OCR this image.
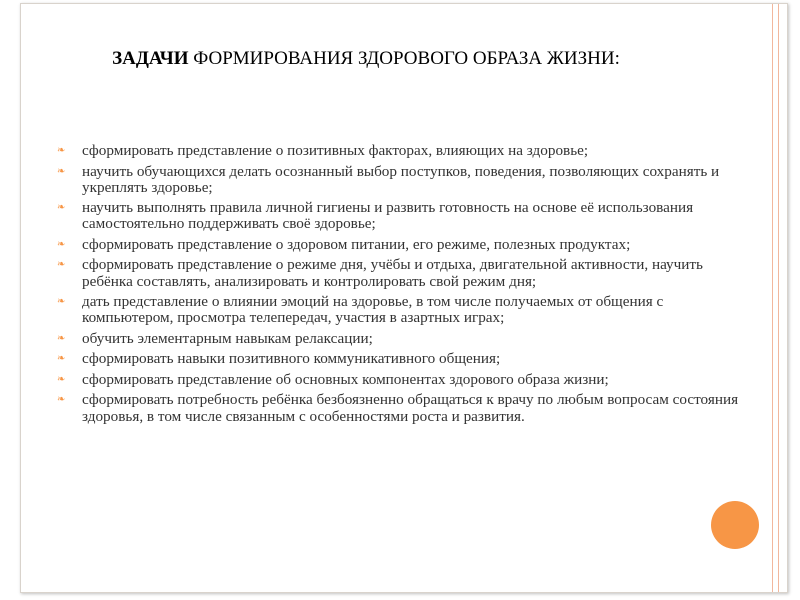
ЗАДАЧИ ФОРМИРОВАНИЯ ЗДОРОВОГО ОБРАЗА ЖИЗНИ:
❧	сформировать представление о позитивных факторах, влияющих на здоровье;
❧	научить обучающихся делать осознанный выбор поступков, поведения, позволяющих сохранять и укреплять здоровье;
❧	научить выполнять правила личной гигиены и развить готовность на основе её использования самостоятельно поддерживать своё здоровье;
❧	сформировать представление о здоровом питании, его режиме, полезных продуктах;
❧	сформировать представление о режиме дня, учёбы и отдыха, двигательной активности, научить ребёнка составлять, анализировать и контролировать свой режим дня;
❧	дать представление о влиянии эмоций на здоровье, в том числе получаемых от общения с компьютером, просмотра телепередач, участия в азартных играх;
❧	обучить элементарным навыкам релаксации;
❧	сформировать навыки позитивного коммуникативного общения;
❧	сформировать представление об основных компонентах здорового образа жизни;
❧	сформировать потребность ребёнка безбоязненно обращаться к врачу по любым вопросам состояния здоровья, в том числе связанным с особенностями роста и развития.
